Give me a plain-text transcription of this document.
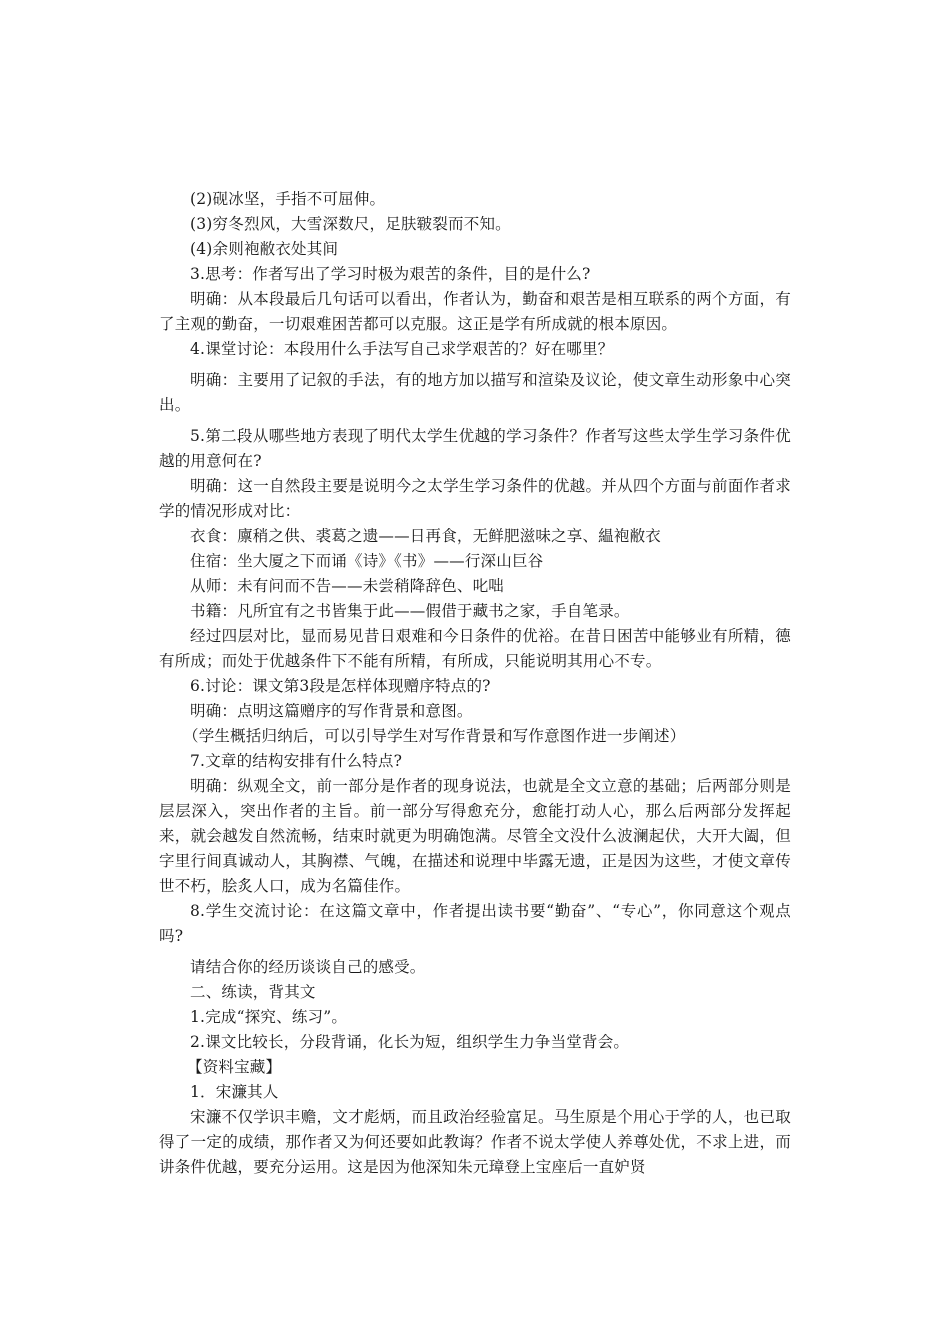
(2)砚冰坚，手指不可屈伸。

(3)穷冬烈风，大雪深数尺，足肤皲裂而不知。

(4)余则袍敝衣处其间

3.思考：作者写出了学习时极为艰苦的条件，目的是什么?

明确：从本段最后几句话可以看出，作者认为，勤奋和艰苦是相互联系的两个方面，有了主观的勤奋，一切艰难困苦都可以克服。这正是学有所成就的根本原因。

4.课堂讨论：本段用什么手法写自己求学艰苦的？好在哪里？

明确：主要用了记叙的手法，有的地方加以描写和渲染及议论，使文章生动形象中心突出。

5.第二段从哪些地方表现了明代太学生优越的学习条件？作者写这些太学生学习条件优越的用意何在?

明确：这一自然段主要是说明今之太学生学习条件的优越。并从四个方面与前面作者求学的情况形成对比：

衣食：廪稍之供、裘葛之遗——日再食，无鲜肥滋味之享、緼袍敝衣

住宿：坐大厦之下而诵《诗》《书》——行深山巨谷

从师：未有问而不告——未尝稍降辞色、叱咄

书籍：凡所宜有之书皆集于此——假借于藏书之家，手自笔录。

经过四层对比，显而易见昔日艰难和今日条件的优裕。在昔日困苦中能够业有所精，德有所成；而处于优越条件下不能有所精，有所成，只能说明其用心不专。

6.讨论：课文第3段是怎样体现赠序特点的?

明确：点明这篇赠序的写作背景和意图。

（学生概括归纳后，可以引导学生对写作背景和写作意图作进一步阐述）

7.文章的结构安排有什么特点?

明确：纵观全文，前一部分是作者的现身说法，也就是全文立意的基础；后两部分则是层层深入，突出作者的主旨。前一部分写得愈充分，愈能打动人心，那么后两部分发挥起来，就会越发自然流畅，结束时就更为明确饱满。尽管全文没什么波澜起伏，大开大阖，但字里行间真诚动人，其胸襟、气魄，在描述和说理中毕露无遗，正是因为这些，才使文章传世不朽，脍炙人口，成为名篇佳作。

8.学生交流讨论：在这篇文章中，作者提出读书要“勤奋”、“专心”，你同意这个观点吗?

请结合你的经历谈谈自己的感受。

二、练读，背其文

1.完成“探究、练习”。

2.课文比较长，分段背诵，化长为短，组织学生力争当堂背会。

【资料宝藏】

1．宋濂其人

宋濂不仅学识丰赡，文才彪炳，而且政治经验富足。马生原是个用心于学的人，也已取得了一定的成绩，那作者又为何还要如此教诲？作者不说太学使人养尊处优，不求上进，而讲条件优越，要充分运用。这是因为他深知朱元璋登上宝座后一直妒贤
